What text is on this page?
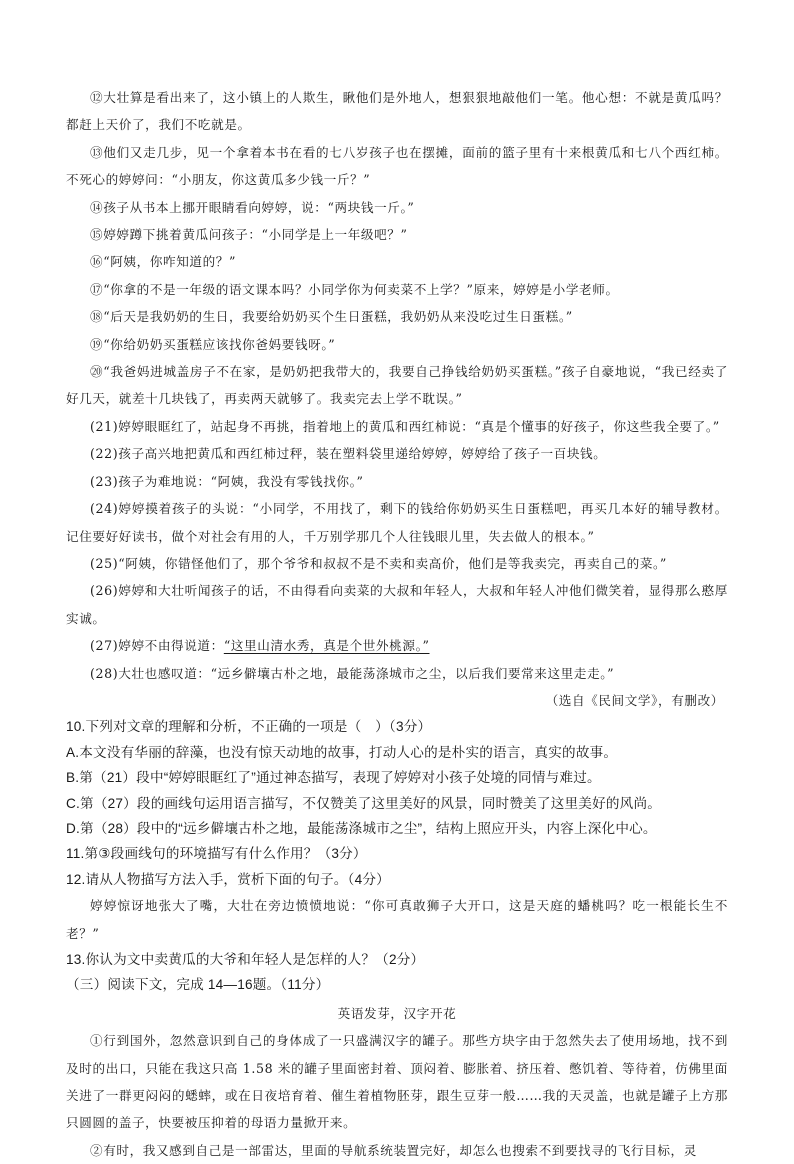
⑫大壮算是看出来了，这小镇上的人欺生，瞅他们是外地人，想狠狠地敲他们一笔。他心想：不就是黄瓜吗？都赶上天价了，我们不吃就是。

⑬他们又走几步，见一个拿着本书在看的七八岁孩子也在摆摊，面前的篮子里有十来根黄瓜和七八个西红柿。不死心的婷婷问：“小朋友，你这黄瓜多少钱一斤？”

⑭孩子从书本上挪开眼睛看向婷婷，说：“两块钱一斤。”

⑮婷婷蹲下挑着黄瓜问孩子：“小同学是上一年级吧？”

⑯“阿姨，你咋知道的？”

⑰“你拿的不是一年级的语文课本吗？小同学你为何卖菜不上学？”原来，婷婷是小学老师。

⑱“后天是我奶奶的生日，我要给奶奶买个生日蛋糕，我奶奶从来没吃过生日蛋糕。”

⑲“你给奶奶买蛋糕应该找你爸妈要钱呀。”

⑳“我爸妈进城盖房子不在家，是奶奶把我带大的，我要自己挣钱给奶奶买蛋糕。”孩子自豪地说，“我已经卖了好几天，就差十几块钱了，再卖两天就够了。我卖完去上学不耽误。”

(21)婷婷眼眶红了，站起身不再挑，指着地上的黄瓜和西红柿说：“真是个懂事的好孩子，你这些我全要了。”

(22)孩子高兴地把黄瓜和西红柿过秤，装在塑料袋里递给婷婷，婷婷给了孩子一百块钱。

(23)孩子为难地说：“阿姨，我没有零钱找你。”

(24)婷婷摸着孩子的头说：“小同学，不用找了，剩下的钱给你奶奶买生日蛋糕吧，再买几本好的辅导教材。记住要好好读书，做个对社会有用的人，千万别学那几个人往钱眼儿里，失去做人的根本。”

(25)“阿姨，你错怪他们了，那个爷爷和叔叔不是不卖和卖高价，他们是等我卖完，再卖自己的菜。”

(26)婷婷和大壮听闻孩子的话，不由得看向卖菜的大叔和年轻人，大叔和年轻人冲他们微笑着，显得那么憨厚实诚。

(27)婷婷不由得说道：“这里山清水秀，真是个世外桃源。”

(28)大壮也感叹道：“远乡僻壤古朴之地，最能荡涤城市之尘，以后我们要常来这里走走。”

（选自《民间文学》，有删改）

10.下列对文章的理解和分析，不正确的一项是（　）（3分）

A.本文没有华丽的辞藻，也没有惊天动地的故事，打动人心的是朴实的语言，真实的故事。

B.第（21）段中“婷婷眼眶红了”通过神态描写，表现了婷婷对小孩子处境的同情与难过。

C.第（27）段的画线句运用语言描写，不仅赞美了这里美好的风景，同时赞美了这里美好的风尚。

D.第（28）段中的“远乡僻壤古朴之地，最能荡涤城市之尘”，结构上照应开头，内容上深化中心。

11.第③段画线句的环境描写有什么作用？（3分）

12.请从人物描写方法入手，赏析下面的句子。（4分）

婷婷惊讶地张大了嘴，大壮在旁边愤愤地说：“你可真敢狮子大开口，这是天庭的蟠桃吗？吃一根能长生不老？”

13.你认为文中卖黄瓜的大爷和年轻人是怎样的人？（2分）

（三）阅读下文，完成 14—16题。（11分）

英语发芽，汉字开花

①行到国外，忽然意识到自己的身体成了一只盛满汉字的罐子。那些方块字由于忽然失去了使用场地，找不到及时的出口，只能在我这只高 1.58 米的罐子里面密封着、顶闷着、膨胀着、挤压着、憋饥着、等待着，仿佛里面关进了一群更闷闷的蟋蟀，或在日夜培育着、催生着植物胚芽，跟生豆芽一般……我的天灵盖，也就是罐子上方那只圆圆的盖子，快要被压抑着的母语力量掀开来。

②有时，我又感到自己是一部雷达，里面的导航系统装置完好，却怎么也搜索不到要找寻的飞行目标，灵
